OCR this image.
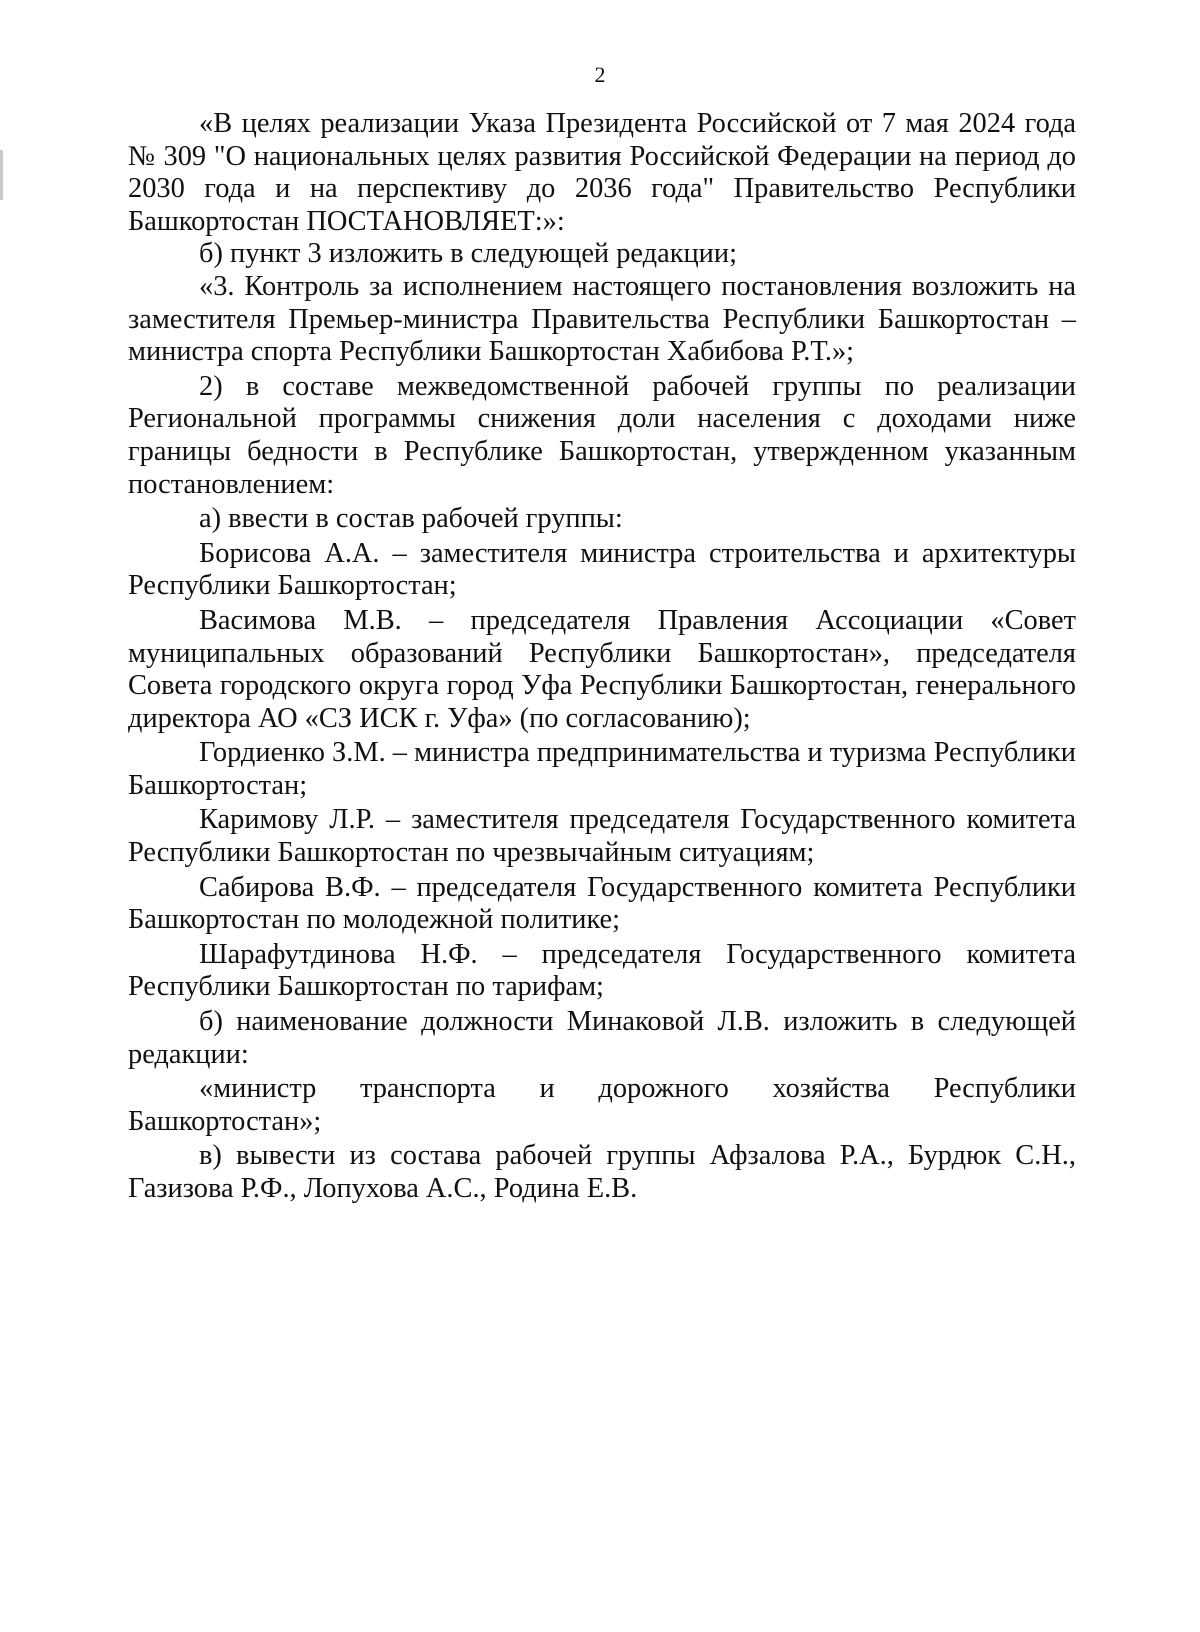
2

«В целях реализации Указа Президента Российской от 7 мая 2024 года № 309 "О национальных целях развития Российской Федерации на период до 2030 года и на перспективу до 2036 года" Правительство Республики Башкортостан ПОСТАНОВЛЯЕТ:»:

б) пункт 3 изложить в следующей редакции;

«3. Контроль за исполнением настоящего постановления возложить на заместителя Премьер-министра Правительства Республики Башкортостан – министра спорта Республики Башкортостан Хабибова Р.Т.»;

2) в составе межведомственной рабочей группы по реализации Региональной программы снижения доли населения с доходами ниже границы бедности в Республике Башкортостан, утвержденном указанным постановлением:

а) ввести в состав рабочей группы:

Борисова А.А. – заместителя министра строительства и архитектуры Республики Башкортостан;

Васимова М.В. – председателя Правления Ассоциации «Совет муниципальных образований Республики Башкортостан», председателя Совета городского округа город Уфа Республики Башкортостан, генерального директора АО «СЗ ИСК г. Уфа» (по согласованию);

Гордиенко З.М. – министра предпринимательства и туризма Республики Башкортостан;

Каримову Л.Р. – заместителя председателя Государственного комитета Республики Башкортостан по чрезвычайным ситуациям;

Сабирова В.Ф. – председателя Государственного комитета Республики Башкортостан по молодежной политике;

Шарафутдинова Н.Ф. – председателя Государственного комитета Республики Башкортостан по тарифам;

б) наименование должности Минаковой Л.В. изложить в следующей редакции:

«министр транспорта и дорожного хозяйства Республики Башкортостан»;

в) вывести из состава рабочей группы Афзалова Р.А., Бурдюк С.Н., Газизова Р.Ф., Лопухова А.С., Родина Е.В.
